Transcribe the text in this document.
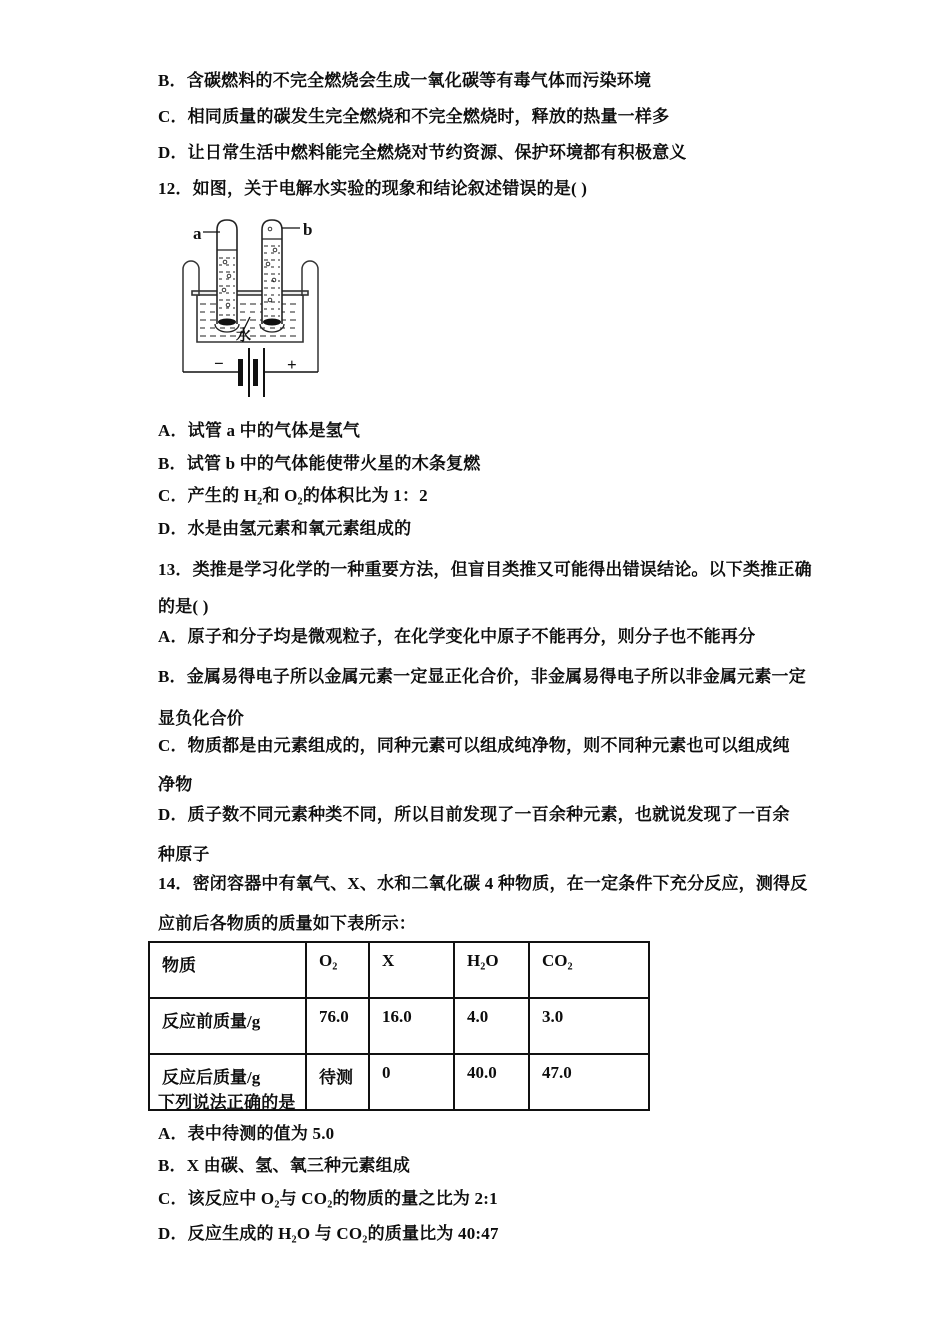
B．含碳燃料的不完全燃烧会生成一氧化碳等有毒气体而污染环境
C．相同质量的碳发生完全燃烧和不完全燃烧时，释放的热量一样多
D．让日常生活中燃料能完全燃烧对节约资源、保护环境都有积极意义
12．如图，关于电解水实验的现象和结论叙述错误的是( )
−	+
a	b
水
A．试管 a 中的气体是氢气
B．试管 b 中的气体能使带火星的木条复燃
C．产生的 H₂和 O₂的体积比为 1：2
D．水是由氢元素和氧元素组成的
13．类推是学习化学的一种重要方法，但盲目类推又可能得出错误结论。以下类推正确
的是( )
A．原子和分子均是微观粒子，在化学变化中原子不能再分，则分子也不能再分
B．金属易得电子所以金属元素一定显正化合价，非金属易得电子所以非金属元素一定
显负化合价
C．物质都是由元素组成的，同种元素可以组成纯净物，则不同种元素也可以组成纯
净物
D．质子数不同元素种类不同，所以目前发现了一百余种元素，也就说发现了一百余
种原子
14．密闭容器中有氧气、X、水和二氧化碳 4 种物质，在一定条件下充分反应，测得反
应前后各物质的质量如下表所示：
物质	O₂	X	H₂O	CO₂
反应前质量/g	76.0	16.0	4.0	3.0
反应后质量/g	待测	0	40.0	47.0
下列说法正确的是
A．表中待测的值为 5.0
B．X 由碳、氢、氧三种元素组成
C．该反应中 O₂与 CO₂的物质的量之比为 2:1
D．反应生成的 H₂O 与 CO₂的质量比为 40:47
